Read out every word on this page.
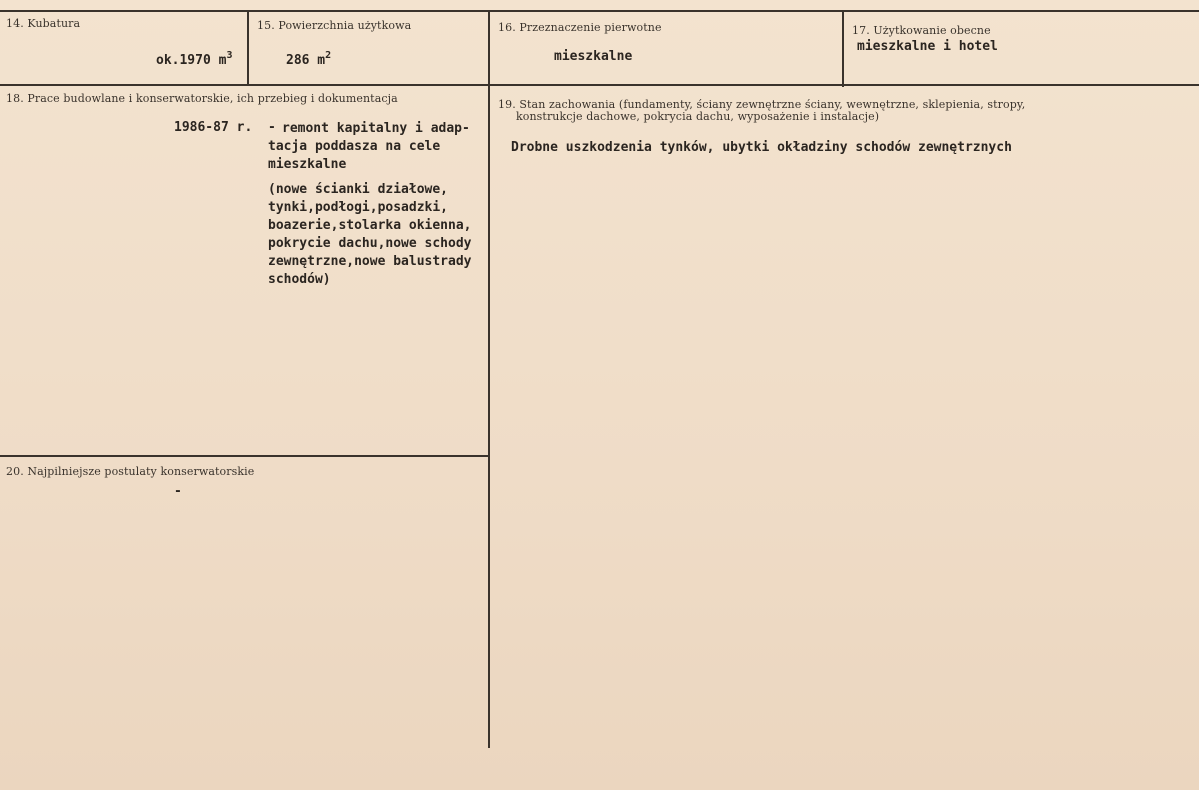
14. Kubatura
ok.1970 $m^3$
15. Powierzchnia użytkowa
286 $m^2$
16. Przeznaczenie pierwotne
mieszkalne
17. Użytkowanie obecne
mieszkalne i hotel
18. Prace budowlane i konserwatorskie, ich przebieg i dokumentacja
1986-87 r. - remont kapitalny i adap-
tacja poddasza na cele
mieszkalne
(nowe ścianki działowe,
tynki,podłogi,posadzki,
boazerie,stolarka okienna,
pokrycie dachu,nowe schody
zewnętrzne,nowe balustrady
schodów)
19. Stan zachowania (fundamenty, ściany zewnętrzne ściany, wewnętrzne, sklepienia, stropy,
konstrukcje dachowe, pokrycia dachu, wyposażenie i instalacje)
Drobne uszkodzenia tynków, ubytki okładziny schodów zewnętrznych
20. Najpilniejsze postulaty konserwatorskie
-
